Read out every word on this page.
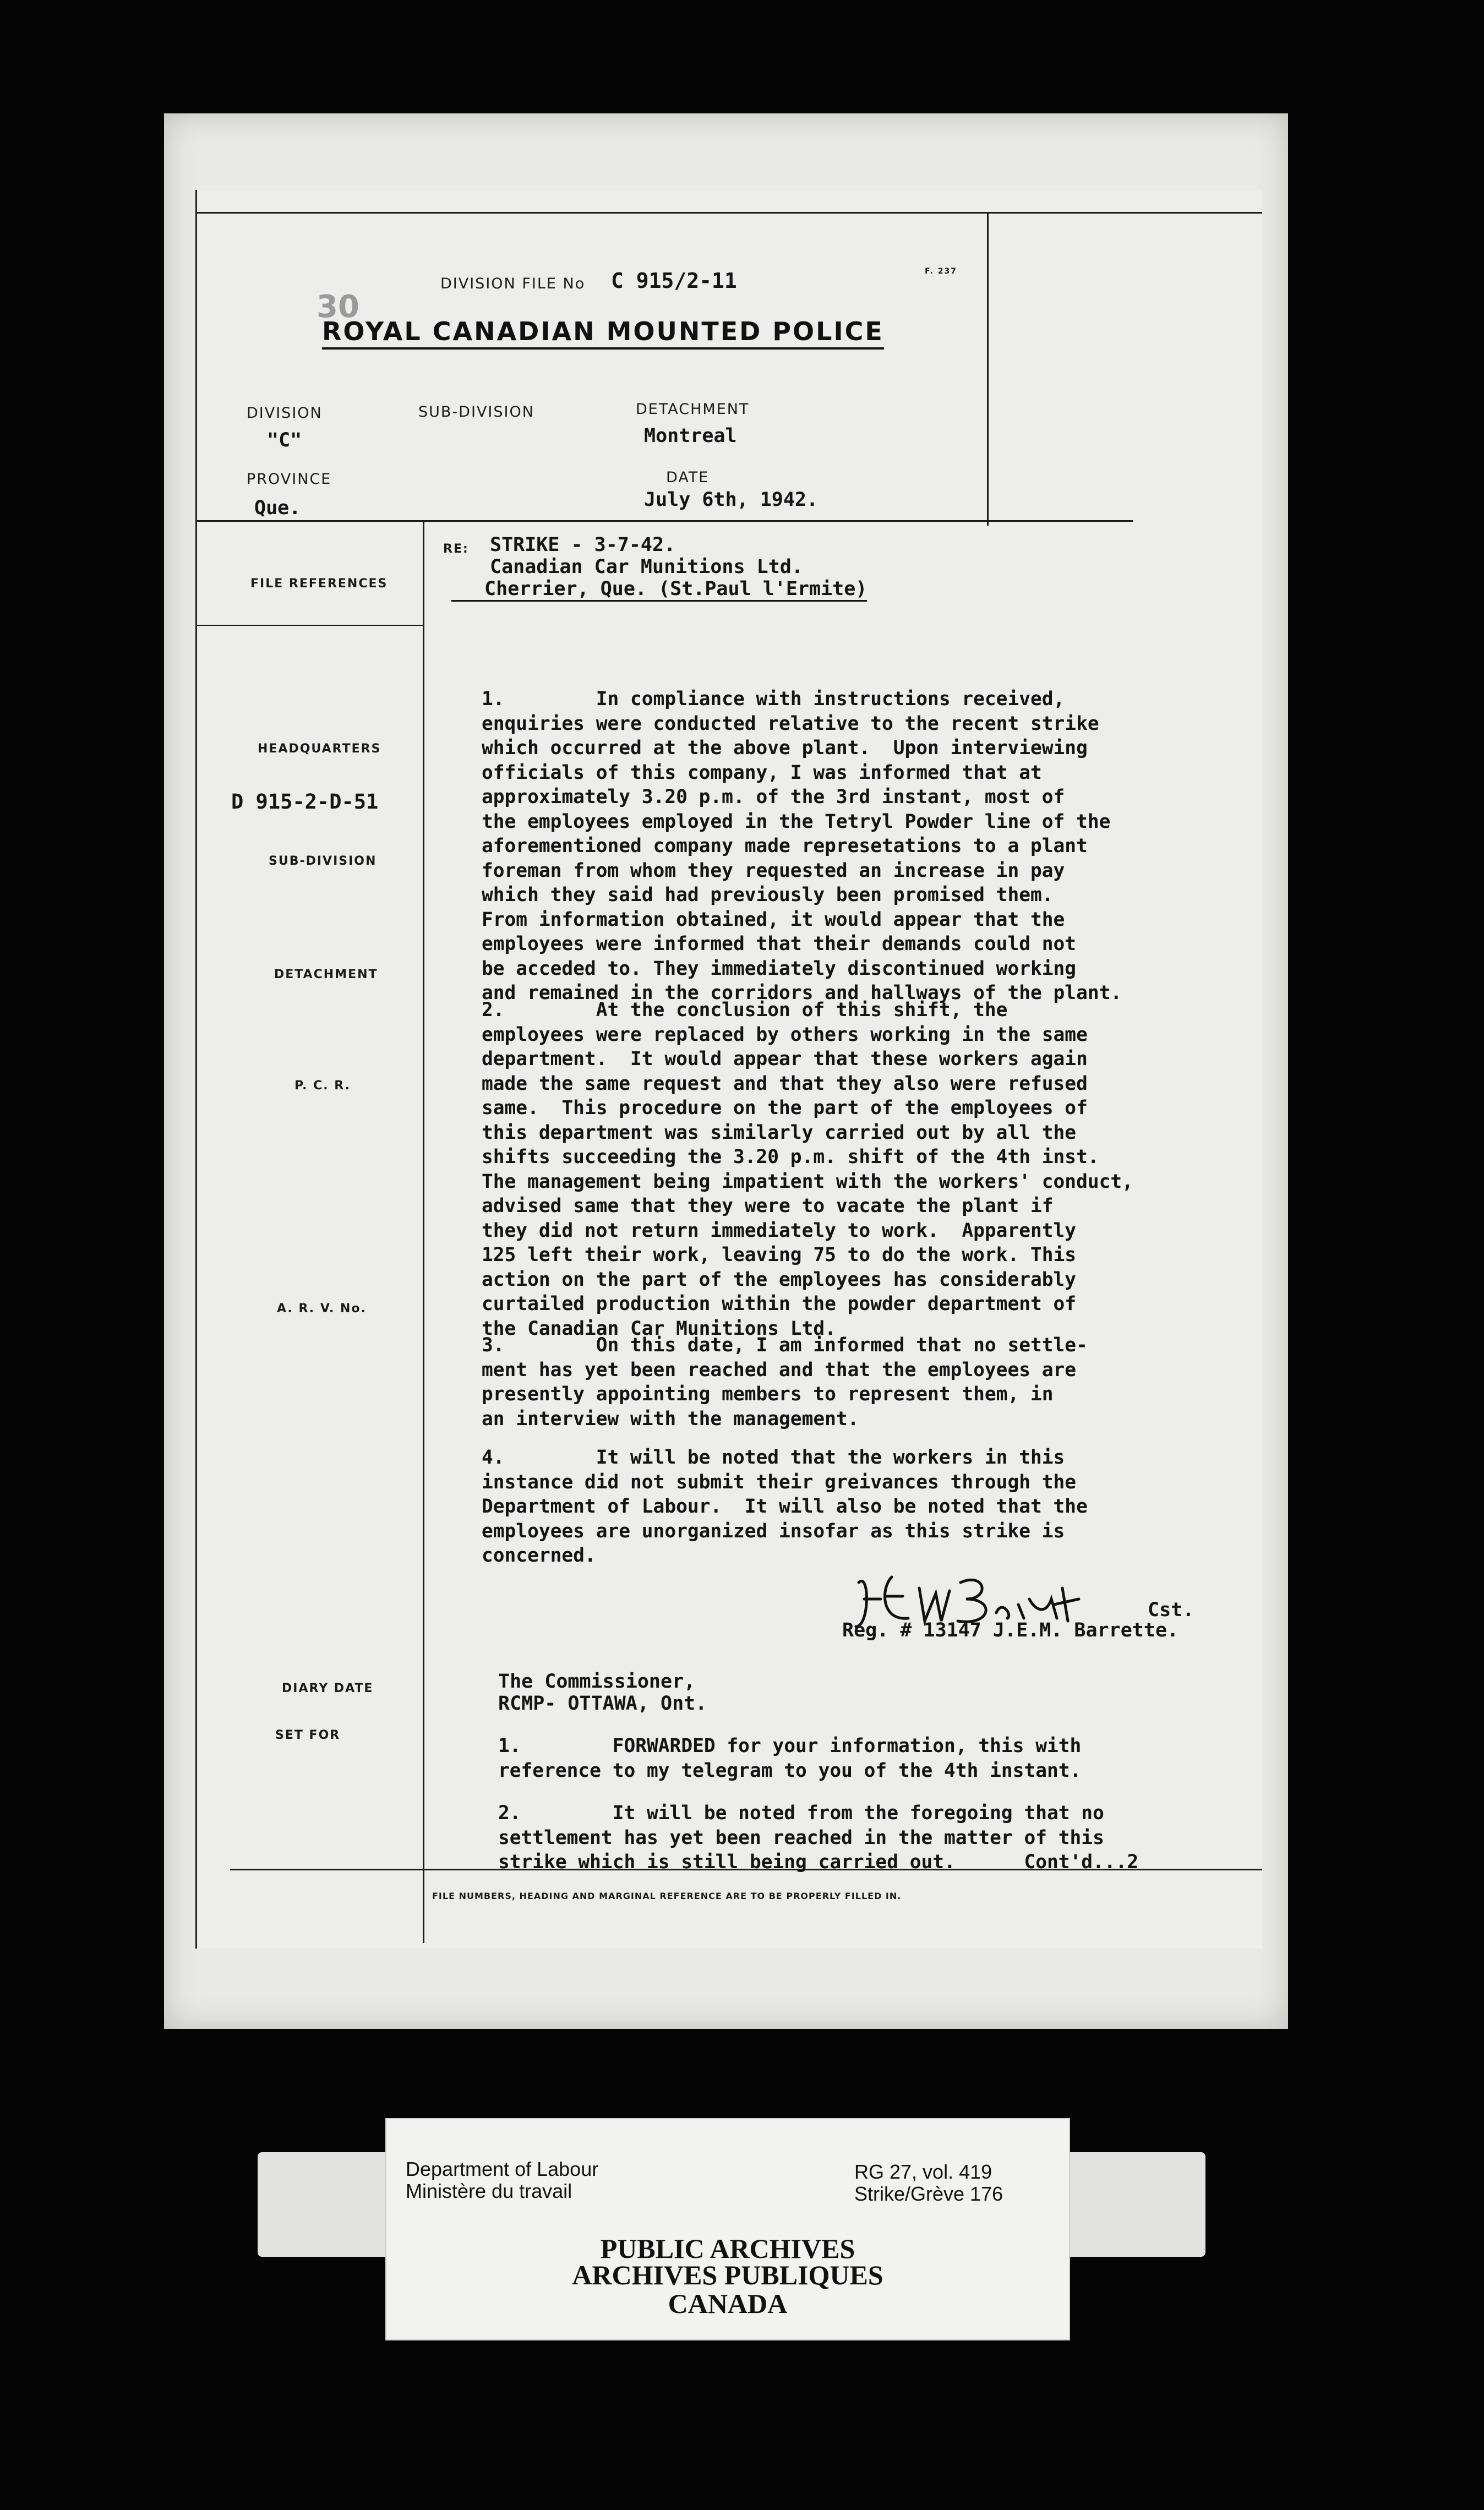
DIVISION FILE No C 915/2-11	F. 237
30
ROYAL CANADIAN MOUNTED POLICE
DIVISION
"C"
SUB-DIVISION	DETACHMENT
Montreal
PROVINCE
Que.
DATE
July 6th, 1942.
RE: STRIKE - 3-7-42.
Canadian Car Munitions Ltd.
Cherrier, Que. (St.Paul l'Ermite)
FILE REFERENCES
HEADQUARTERS
D 915-2-D-51
SUB-DIVISION
DETACHMENT
P. C. R.
A. R. V. No.
DIARY DATE
SET FOR
1.        In compliance with instructions received,
enquiries were conducted relative to the recent strike
which occurred at the above plant.  Upon interviewing
officials of this company, I was informed that at
approximately 3.20 p.m. of the 3rd instant, most of
the employees employed in the Tetryl Powder line of the
aforementioned company made represetations to a plant
foreman from whom they requested an increase in pay
which they said had previously been promised them.
From information obtained, it would appear that the
employees were informed that their demands could not
be acceded to. They immediately discontinued working
and remained in the corridors and hallways of the plant.
2.        At the conclusion of this shift, the
employees were replaced by others working in the same
department.  It would appear that these workers again
made the same request and that they also were refused
same.  This procedure on the part of the employees of
this department was similarly carried out by all the
shifts succeeding the 3.20 p.m. shift of the 4th inst.
The management being impatient with the workers' conduct,
advised same that they were to vacate the plant if
they did not return immediately to work.  Apparently
125 left their work, leaving 75 to do the work. This
action on the part of the employees has considerably
curtailed production within the powder department of
the Canadian Car Munitions Ltd.
3.        On this date, I am informed that no settle-
ment has yet been reached and that the employees are
presently appointing members to represent them, in
an interview with the management.
4.        It will be noted that the workers in this
instance did not submit their greivances through the
Department of Labour.  It will also be noted that the
employees are unorganized insofar as this strike is
concerned.
Cst.
Reg. # 13147 J.E.M. Barrette.
The Commissioner,
RCMP- OTTAWA, Ont.
1.        FORWARDED for your information, this with
reference to my telegram to you of the 4th instant.
2.        It will be noted from the foregoing that no
settlement has yet been reached in the matter of this
strike which is still being carried out.      Cont'd...2
FILE NUMBERS, HEADING AND MARGINAL REFERENCE ARE TO BE PROPERLY FILLED IN.
Department of Labour
Ministère du travail
RG 27, vol. 419
Strike/Grève 176
PUBLIC ARCHIVES
ARCHIVES PUBLIQUES
CANADA
